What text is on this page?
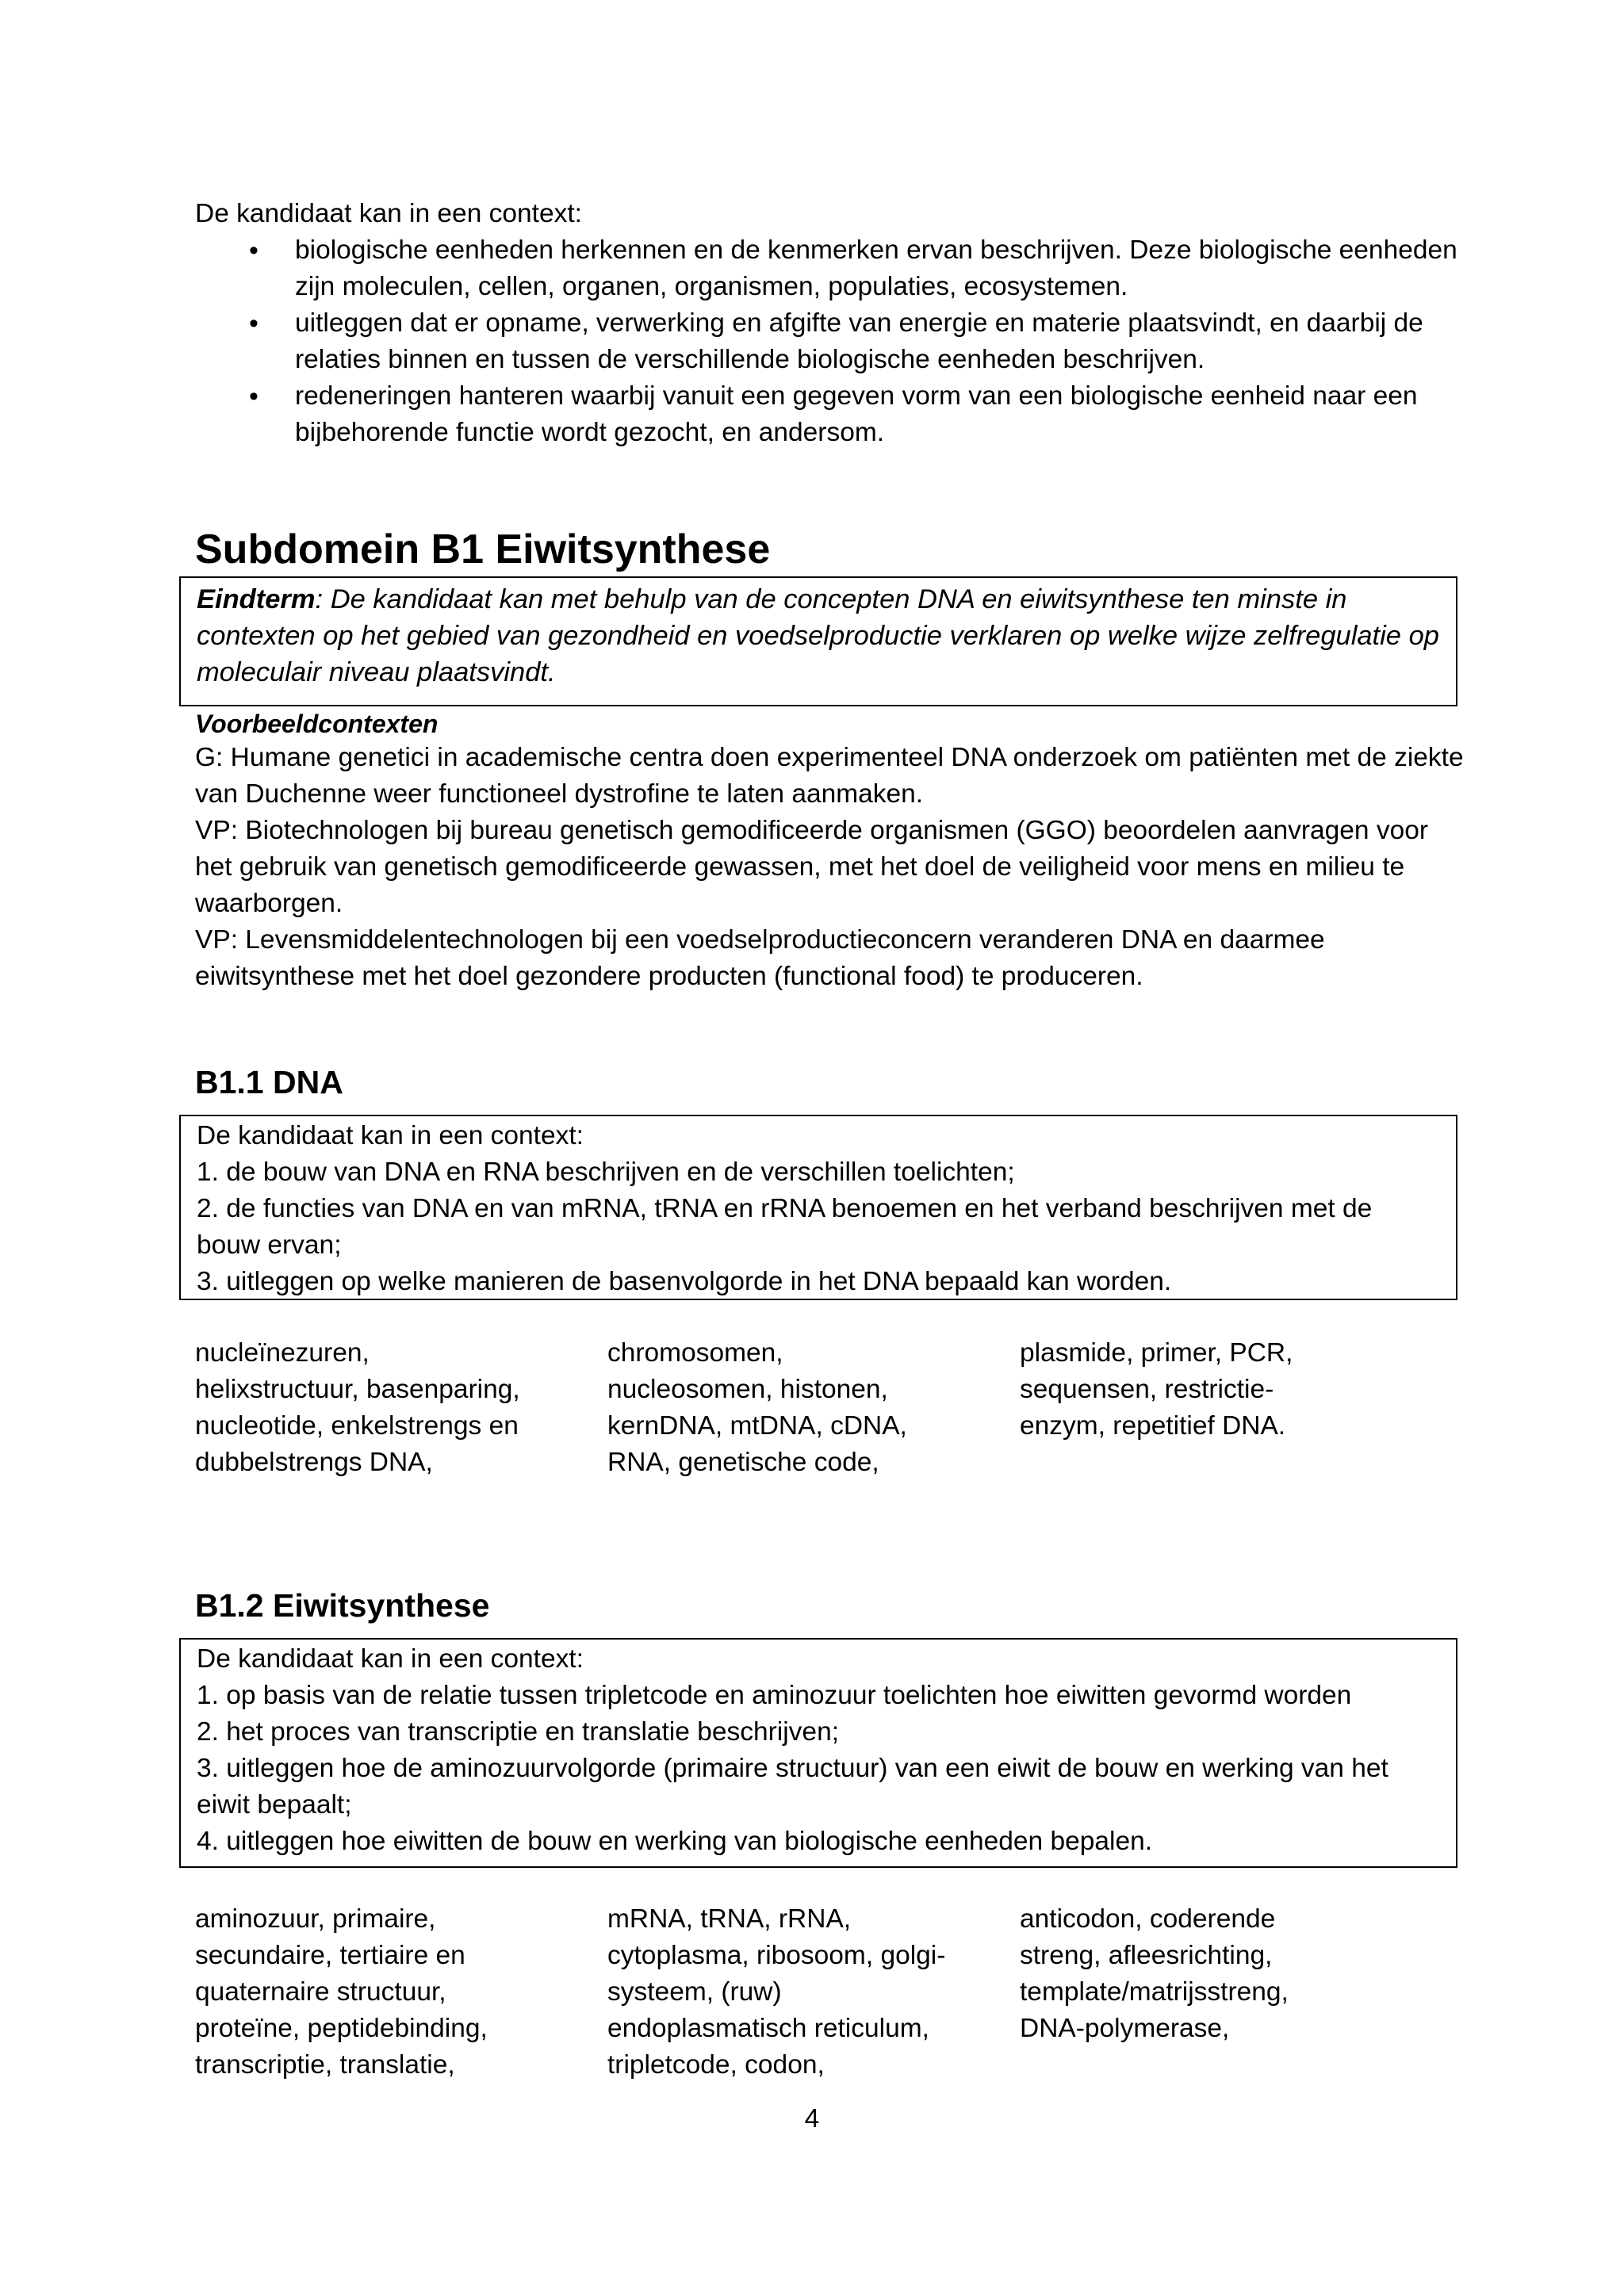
De kandidaat kan in een context:
• biologische eenheden herkennen en de kenmerken ervan beschrijven. Deze biologische eenheden zijn moleculen, cellen, organen, organismen, populaties, ecosystemen.
• uitleggen dat er opname, verwerking en afgifte van energie en materie plaatsvindt, en daarbij de relaties binnen en tussen de verschillende biologische eenheden beschrijven.
• redeneringen hanteren waarbij vanuit een gegeven vorm van een biologische eenheid naar een bijbehorende functie wordt gezocht, en andersom.
Subdomein B1 Eiwitsynthese
Eindterm: De kandidaat kan met behulp van de concepten DNA en eiwitsynthese ten minste in contexten op het gebied van gezondheid en voedselproductie verklaren op welke wijze zelfregulatie op moleculair niveau plaatsvindt.
Voorbeeldcontexten

G: Humane genetici in academische centra doen experimenteel DNA onderzoek om patiënten met de ziekte van Duchenne weer functioneel dystrofine te laten aanmaken.

VP: Biotechnologen bij bureau genetisch gemodificeerde organismen (GGO) beoordelen aanvragen voor het gebruik van genetisch gemodificeerde gewassen, met het doel de veiligheid voor mens en milieu te waarborgen.

VP: Levensmiddelentechnologen bij een voedselproductieconcern veranderen DNA en daarmee eiwitsynthese met het doel gezondere producten (functional food) te produceren.

B1.1 DNA

De kandidaat kan in een context:

1. de bouw van DNA en RNA beschrijven en de verschillen toelichten;

2. de functies van DNA en van mRNA, tRNA en rRNA benoemen en het verband beschrijven met de bouw ervan;

3. uitleggen op welke manieren de basenvolgorde in het DNA bepaald kan worden.

nucleïnezuren,

helixstructuur, basenparing,

nucleotide, enkelstrengs en

dubbelstrengs DNA,

chromosomen,

nucleosomen, histonen,

kernDNA, mtDNA, cDNA,

RNA, genetische code,

plasmide, primer, PCR,

sequensen, restrictie-

enzym, repetitief DNA.

B1.2 Eiwitsynthese

De kandidaat kan in een context:

1. op basis van de relatie tussen tripletcode en aminozuur toelichten hoe eiwitten gevormd worden

2. het proces van transcriptie en translatie beschrijven;

3. uitleggen hoe de aminozuurvolgorde (primaire structuur) van een eiwit de bouw en werking van het eiwit bepaalt;

4. uitleggen hoe eiwitten de bouw en werking van biologische eenheden bepalen.

aminozuur, primaire,

secundaire, tertiaire en

quaternaire structuur,

proteïne, peptidebinding,

transcriptie, translatie,

mRNA, tRNA, rRNA,

cytoplasma, ribosoom, golgi-

systeem, (ruw)

endoplasmatisch reticulum,

tripletcode, codon,

anticodon, coderende

streng, afleesrichting,

template/matrijsstreng,

DNA-polymerase,

4
